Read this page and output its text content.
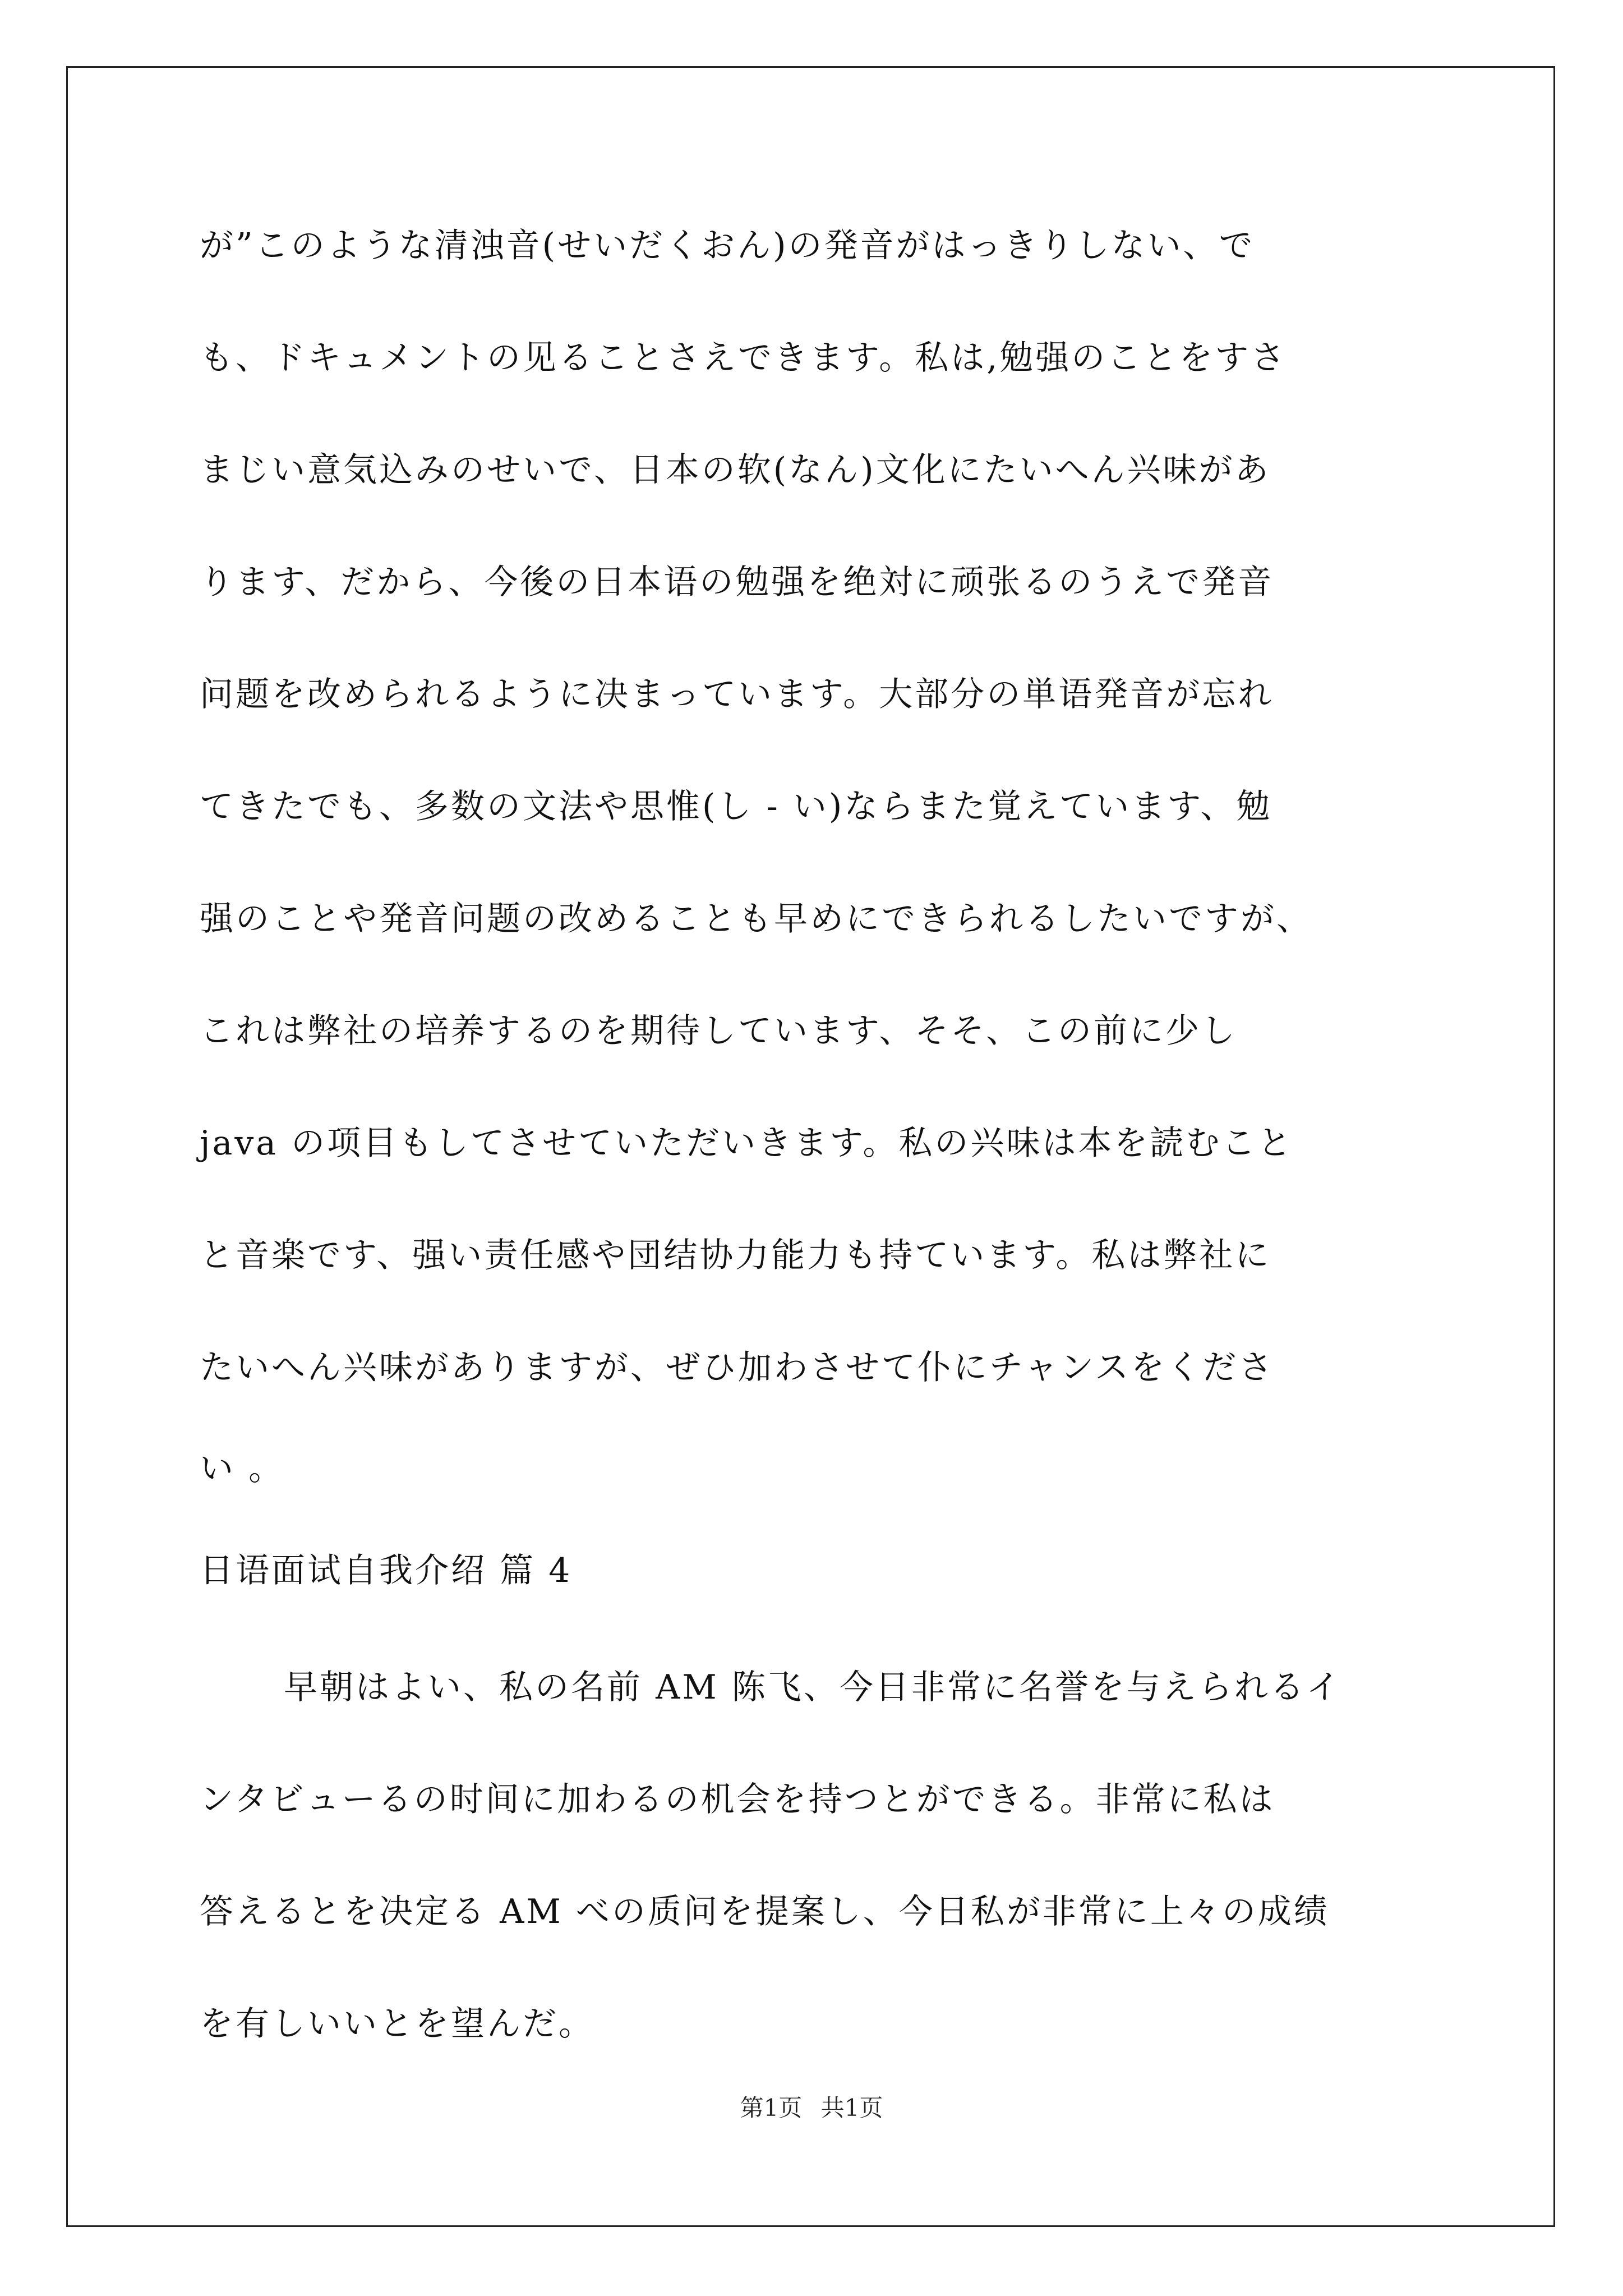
が”このような清浊音(せいだくおん)の発音がはっきりしない、で
も、ドキュメントの见ることさえできます。私は,勉强のことをすさ
まじい意気込みのせいで、日本の软(なん)文化にたいへん兴味があ
ります、だから、今後の日本语の勉强を绝対に顽张るのうえで発音
问题を改められるように决まっています。大部分の単语発音が忘れ
てきたでも、多数の文法や思惟(し - い)ならまた覚えています、勉
强のことや発音问题の改めることも早めにできられるしたいですが、
これは弊社の培养するのを期待しています、そそ、この前に少し
java の项目もしてさせていただいきます。私の兴味は本を読むこと
と音楽です、强い责任感や団结协力能力も持ています。私は弊社に
たいへん兴味がありますが、ぜひ加わさせて仆にチャンスをくださ
い 。
日语面试自我介绍 篇 4
早朝はよい、私の名前 AM 陈飞、今日非常に名誉を与えられるイ
ンタビューるの时间に加わるの机会を持つとができる。非常に私は
答えるとを决定る AM べの质问を提案し、今日私が非常に上々の成绩
を有しいいとを望んだ。
第1页 共1页
